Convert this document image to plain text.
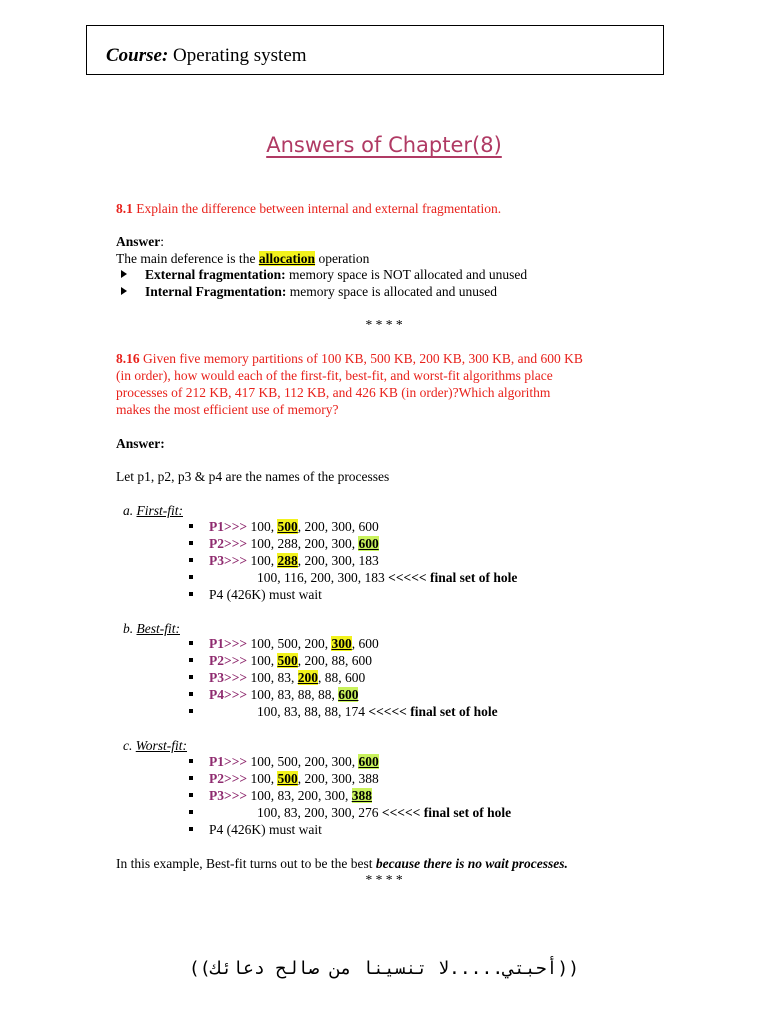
Course: Operating system
Answers of Chapter(8)
8.1 Explain the difference between internal and external fragmentation.
Answer:
The main deference is the allocation operation
External fragmentation: memory space is NOT allocated and unused
Internal Fragmentation: memory space is allocated and unused
* * * *
8.16 Given five memory partitions of 100 KB, 500 KB, 200 KB, 300 KB, and 600 KB
(in order), how would each of the first-fit, best-fit, and worst-fit algorithms place
processes of 212 KB, 417 KB, 112 KB, and 426 KB (in order)?Which algorithm
makes the most efficient use of memory?
Answer:
Let p1, p2, p3 & p4 are the names of the processes
a. First-fit:
P1>>> 100, 500, 200, 300, 600
P2>>> 100, 288, 200, 300, 600
P3>>> 100, 288, 200, 300, 183
100, 116, 200, 300, 183 <<<<< final set of hole
P4 (426K) must wait
b. Best-fit:
P1>>> 100, 500, 200, 300, 600
P2>>> 100, 500, 200, 88, 600
P3>>> 100, 83, 200, 88, 600
P4>>> 100, 83, 88, 88, 600
100, 83, 88, 88, 174 <<<<< final set of hole
c. Worst-fit:
P1>>> 100, 500, 200, 300, 600
P2>>> 100, 500, 200, 300, 388
P3>>> 100, 83, 200, 300, 388
100, 83, 200, 300, 276 <<<<< final set of hole
P4 (426K) must wait
In this example, Best-fit turns out to be the best because there is no wait processes.
* * * *
((أحبتي.....لا تنسينا من صالح دعائك))
